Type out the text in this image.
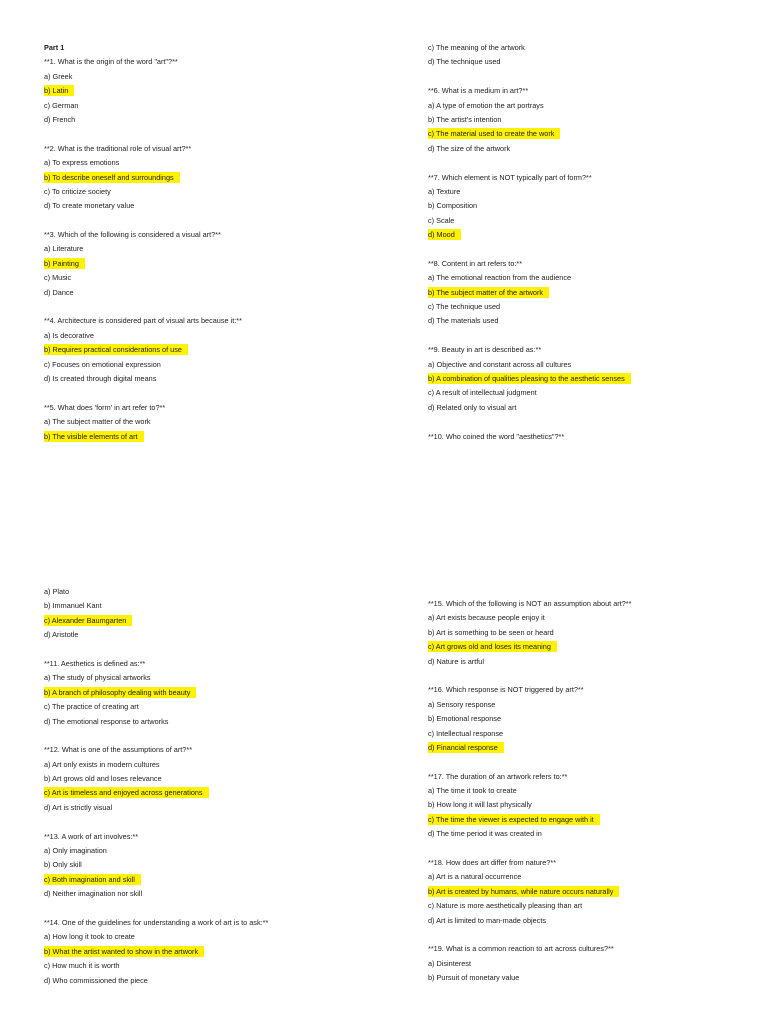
Part 1
**1. What is the origin of the word "art"?**
a) Greek
b) Latin
c) German
d) French
**2. What is the traditional role of visual art?**
a) To express emotions
b) To describe oneself and surroundings
c) To criticize society
d) To create monetary value
**3. Which of the following is considered a visual art?**
a) Literature
b) Painting
c) Music
d) Dance
**4. Architecture is considered part of visual arts because it:**
a) Is decorative
b) Requires practical considerations of use
c) Focuses on emotional expression
d) Is created through digital means
**5. What does 'form' in art refer to?**
a) The subject matter of the work
b) The visible elements of art
c) The meaning of the artwork
d) The technique used
**6. What is a medium in art?**
a) A type of emotion the art portrays
b) The artist's intention
c) The material used to create the work
d) The size of the artwork
**7. Which element is NOT typically part of form?**
a) Texture
b) Composition
c) Scale
d) Mood
**8. Content in art refers to:**
a) The emotional reaction from the audience
b) The subject matter of the artwork
c) The technique used
d) The materials used
**9. Beauty in art is described as:**
a) Objective and constant across all cultures
b) A combination of qualities pleasing to the aesthetic senses
c) A result of intellectual judgment
d) Related only to visual art
**10. Who coined the word "aesthetics"?**
a) Plato
b) Immanuel Kant
c) Alexander Baumgarten
d) Aristotle
**11. Aesthetics is defined as:**
a) The study of physical artworks
b) A branch of philosophy dealing with beauty
c) The practice of creating art
d) The emotional response to artworks
**12. What is one of the assumptions of art?**
a) Art only exists in modern cultures
b) Art grows old and loses relevance
c) Art is timeless and enjoyed across generations
d) Art is strictly visual
**13. A work of art involves:**
a) Only imagination
b) Only skill
c) Both imagination and skill
d) Neither imagination nor skill
**14. One of the guidelines for understanding a work of art is to ask:**
a) How long it took to create
b) What the artist wanted to show in the artwork
c) How much it is worth
d) Who commissioned the piece
**15. Which of the following is NOT an assumption about art?**
a) Art exists because people enjoy it
b) Art is something to be seen or heard
c) Art grows old and loses its meaning
d) Nature is artful
**16. Which response is NOT triggered by art?**
a) Sensory response
b) Emotional response
c) Intellectual response
d) Financial response
**17. The duration of an artwork refers to:**
a) The time it took to create
b) How long it will last physically
c) The time the viewer is expected to engage with it
d) The time period it was created in
**18. How does art differ from nature?**
a) Art is a natural occurrence
b) Art is created by humans, while nature occurs naturally
c) Nature is more aesthetically pleasing than art
d) Art is limited to man-made objects
**19. What is a common reaction to art across cultures?**
a) Disinterest
b) Pursuit of monetary value
